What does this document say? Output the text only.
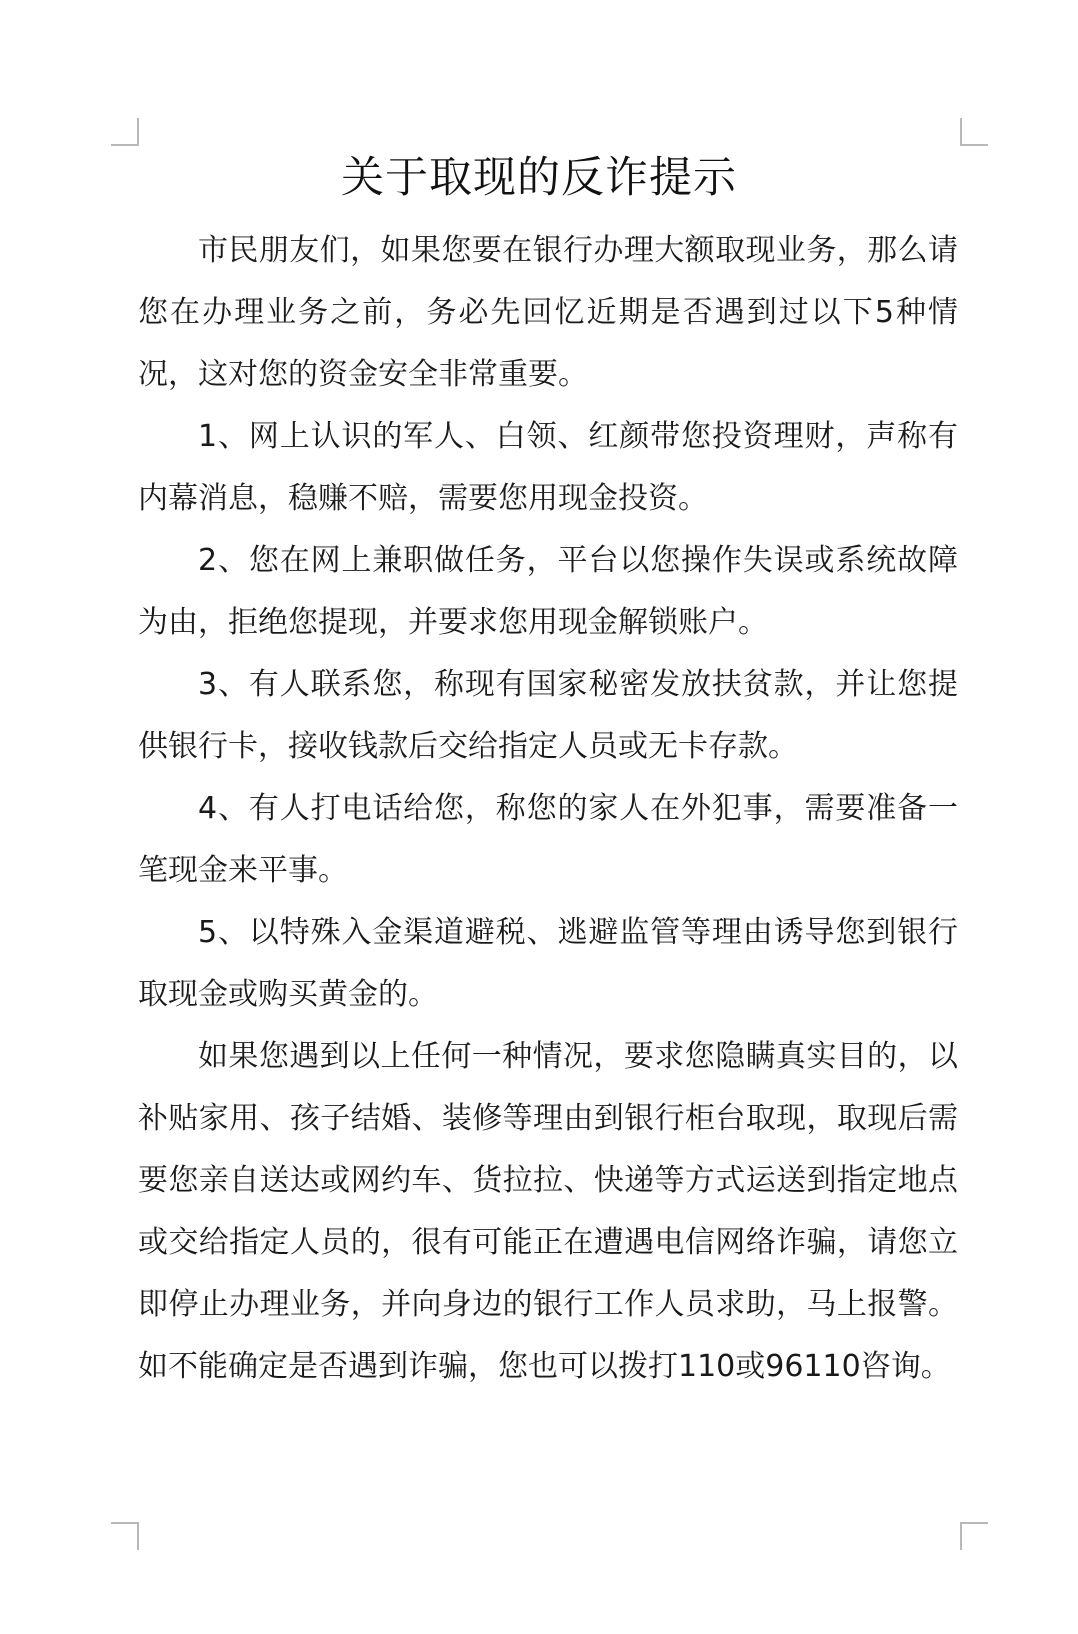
关于取现的反诈提示

市民朋友们，如果您要在银行办理大额取现业务，那么请您在办理业务之前，务必先回忆近期是否遇到过以下5种情况，这对您的资金安全非常重要。

1、网上认识的军人、白领、红颜带您投资理财，声称有内幕消息，稳赚不赔，需要您用现金投资。

2、您在网上兼职做任务，平台以您操作失误或系统故障为由，拒绝您提现，并要求您用现金解锁账户。

3、有人联系您，称现有国家秘密发放扶贫款，并让您提供银行卡，接收钱款后交给指定人员或无卡存款。

4、有人打电话给您，称您的家人在外犯事，需要准备一笔现金来平事。

5、以特殊入金渠道避税、逃避监管等理由诱导您到银行取现金或购买黄金的。

如果您遇到以上任何一种情况，要求您隐瞒真实目的，以补贴家用、孩子结婚、装修等理由到银行柜台取现，取现后需要您亲自送达或网约车、货拉拉、快递等方式运送到指定地点或交给指定人员的，很有可能正在遭遇电信网络诈骗，请您立即停止办理业务，并向身边的银行工作人员求助，马上报警。如不能确定是否遇到诈骗，您也可以拨打110或96110咨询。
